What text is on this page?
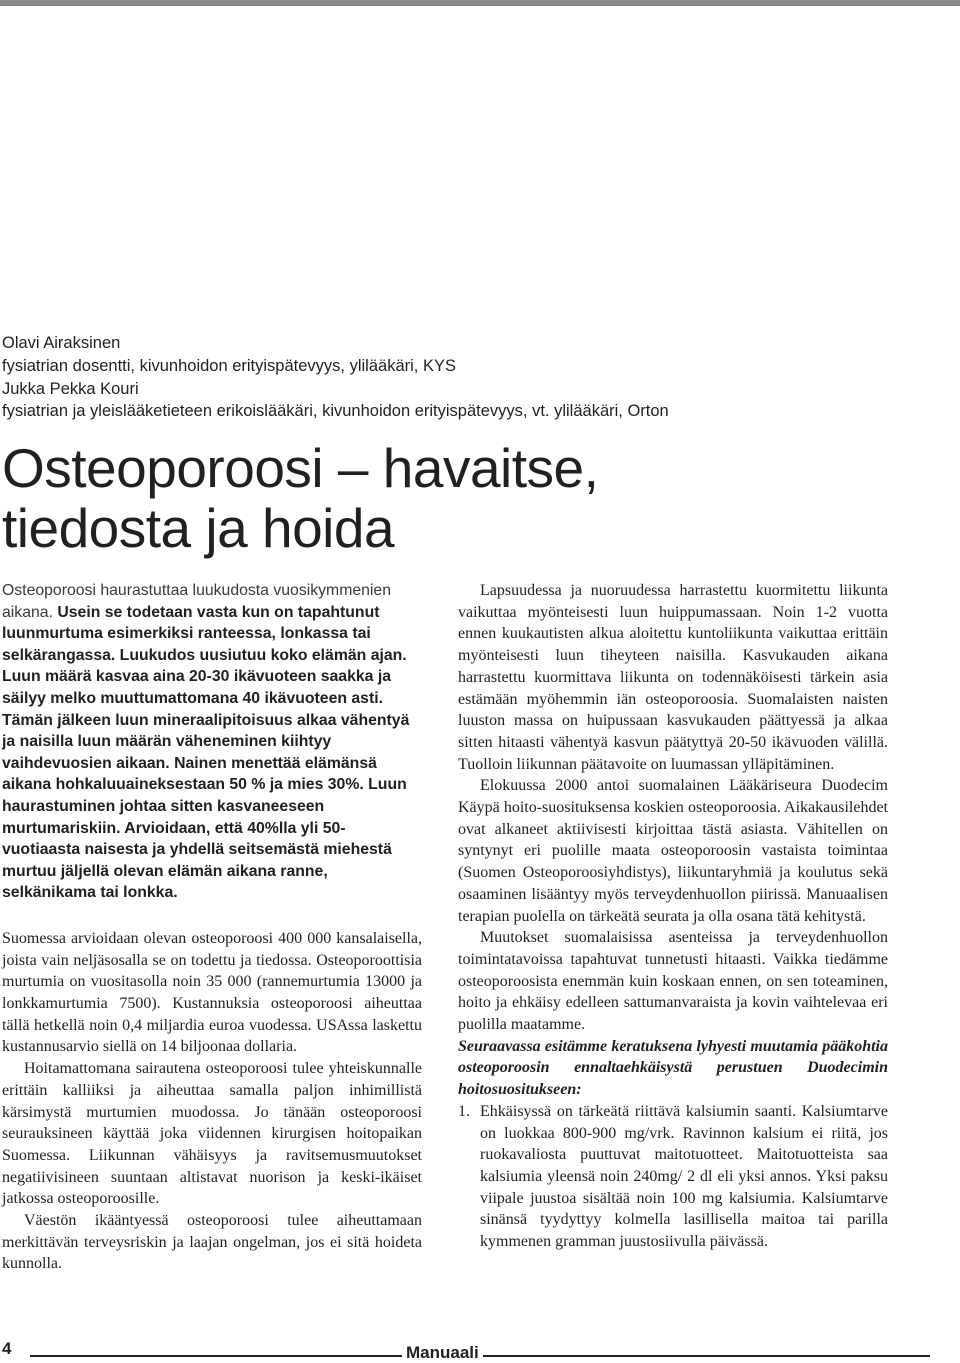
Olavi Airaksinen
fysiatrian dosentti, kivunhoidon erityispätevyys, ylilääkäri, KYS
Jukka Pekka Kouri
fysiatrian ja yleislääketieteen erikoislääkäri, kivunhoidon erityispätevyys, vt. ylilääkäri, Orton
Osteoporoosi – havaitse,
tiedosta ja hoida

Osteoporoosi haurastuttaa luukudosta vuosikymmenien aikana. Usein se todetaan vasta kun on tapahtunut luunmurtuma esimerkiksi ranteessa, lonkassa tai selkärangassa. Luukudos uusiutuu koko elämän ajan. Luun määrä kasvaa aina 20-30 ikävuoteen saakka ja säilyy melko muuttumattomana 40 ikävuoteen asti. Tämän jälkeen luun mineraalipitoisuus alkaa vähentyä ja naisilla luun määrän väheneminen kiihtyy vaihdevuosien aikaan. Nainen menettää elämänsä aikana hohkaluuaineksestaan 50 % ja mies 30%. Luun haurastuminen johtaa sitten kasvaneeseen murtumariskiin. Arvioidaan, että 40%lla yli 50-vuotiaasta naisesta ja yhdellä seitsemästä miehestä murtuu jäljellä olevan elämän aikana ranne, selkänikama tai lonkka.

Suomessa arvioidaan olevan osteoporoosi 400 000 kansalaisella, joista vain neljäsosalla se on todettu ja tiedossa. Osteoporoottisia murtumia on vuositasolla noin 35 000 (rannemurtumia 13000 ja lonkkamurtumia 7500). Kustannuksia osteoporoosi aiheuttaa tällä hetkellä noin 0,4 miljardia euroa vuodessa. USAssa laskettu kustannusarvio siellä on 14 biljoonaa dollaria.

Hoitamattomana sairautena osteoporoosi tulee yhteiskunnalle erittäin kalliiksi ja aiheuttaa samalla paljon inhimillistä kärsimystä murtumien muodossa. Jo tänään osteoporoosi seurauksineen käyttää joka viidennen kirurgisen hoitopaikan Suomessa. Liikunnan vähäisyys ja ravitsemusmuutokset negatiivisineen suuntaan altistavat nuorison ja keski-ikäiset jatkossa osteoporoosille.

Väestön ikääntyessä osteoporoosi tulee aiheuttamaan merkittävän terveysriskin ja laajan ongelman, jos ei sitä hoideta kunnolla.

Lapsuudessa ja nuoruudessa harrastettu kuormitettu liikunta vaikuttaa myönteisesti luun huippumassaan. Noin 1-2 vuotta ennen kuukautisten alkua aloitettu kuntoliikunta vaikuttaa erittäin myönteisesti luun tiheyteen naisilla. Kasvukauden aikana harrastettu kuormittava liikunta on todennäköisesti tärkein asia estämään myöhemmin iän osteoporoosia. Suomalaisten naisten luuston massa on huipussaan kasvukauden päättyessä ja alkaa sitten hitaasti vähentyä kasvun päätyttyä 20-50 ikävuoden välillä. Tuolloin liikunnan päätavoite on luumassan ylläpitäminen.

Elokuussa 2000 antoi suomalainen Lääkäriseura Duodecim Käypä hoito-suosituksensa koskien osteoporoosia. Aikakausilehdet ovat alkaneet aktiivisesti kirjoittaa tästä asiasta. Vähitellen on syntynyt eri puolille maata osteoporoosin vastaista toimintaa (Suomen Osteoporoosiyhdistys), liikuntaryhmiä ja koulutus sekä osaaminen lisääntyy myös terveydenhuollon piirissä. Manuaalisen terapian puolella on tärkeätä seurata ja olla osana tätä kehitystä.

Muutokset suomalaisissa asenteissa ja terveydenhuollon toimintatavoissa tapahtuvat tunnetusti hitaasti. Vaikka tiedämme osteoporoosista enemmän kuin koskaan ennen, on sen toteaminen, hoito ja ehkäisy edelleen sattumanvaraista ja kovin vaihtelevaa eri puolilla maatamme.

Seuraavassa esitämme keratuksena lyhyesti muutamia pääkohtia osteoporoosin ennaltaehkäisystä perustuen Duodecimin hoitosuositukseen:

1. Ehkäisyssä on tärkeätä riittävä kalsiumin saanti. Kalsiumtarve on luokkaa 800-900 mg/vrk. Ravinnon kalsium ei riitä, jos ruokavaliosta puuttuvat maitotuotteet. Maitotuotteista saa kalsiumia yleensä noin 240mg/ 2 dl eli yksi annos. Yksi paksu viipale juustoa sisältää noin 100 mg kalsiumia. Kalsiumtarve sinänsä tyydyttyy kolmella lasillisella maitoa tai parilla kymmenen gramman juustosiivulla päivässä.
4	Manuaali
